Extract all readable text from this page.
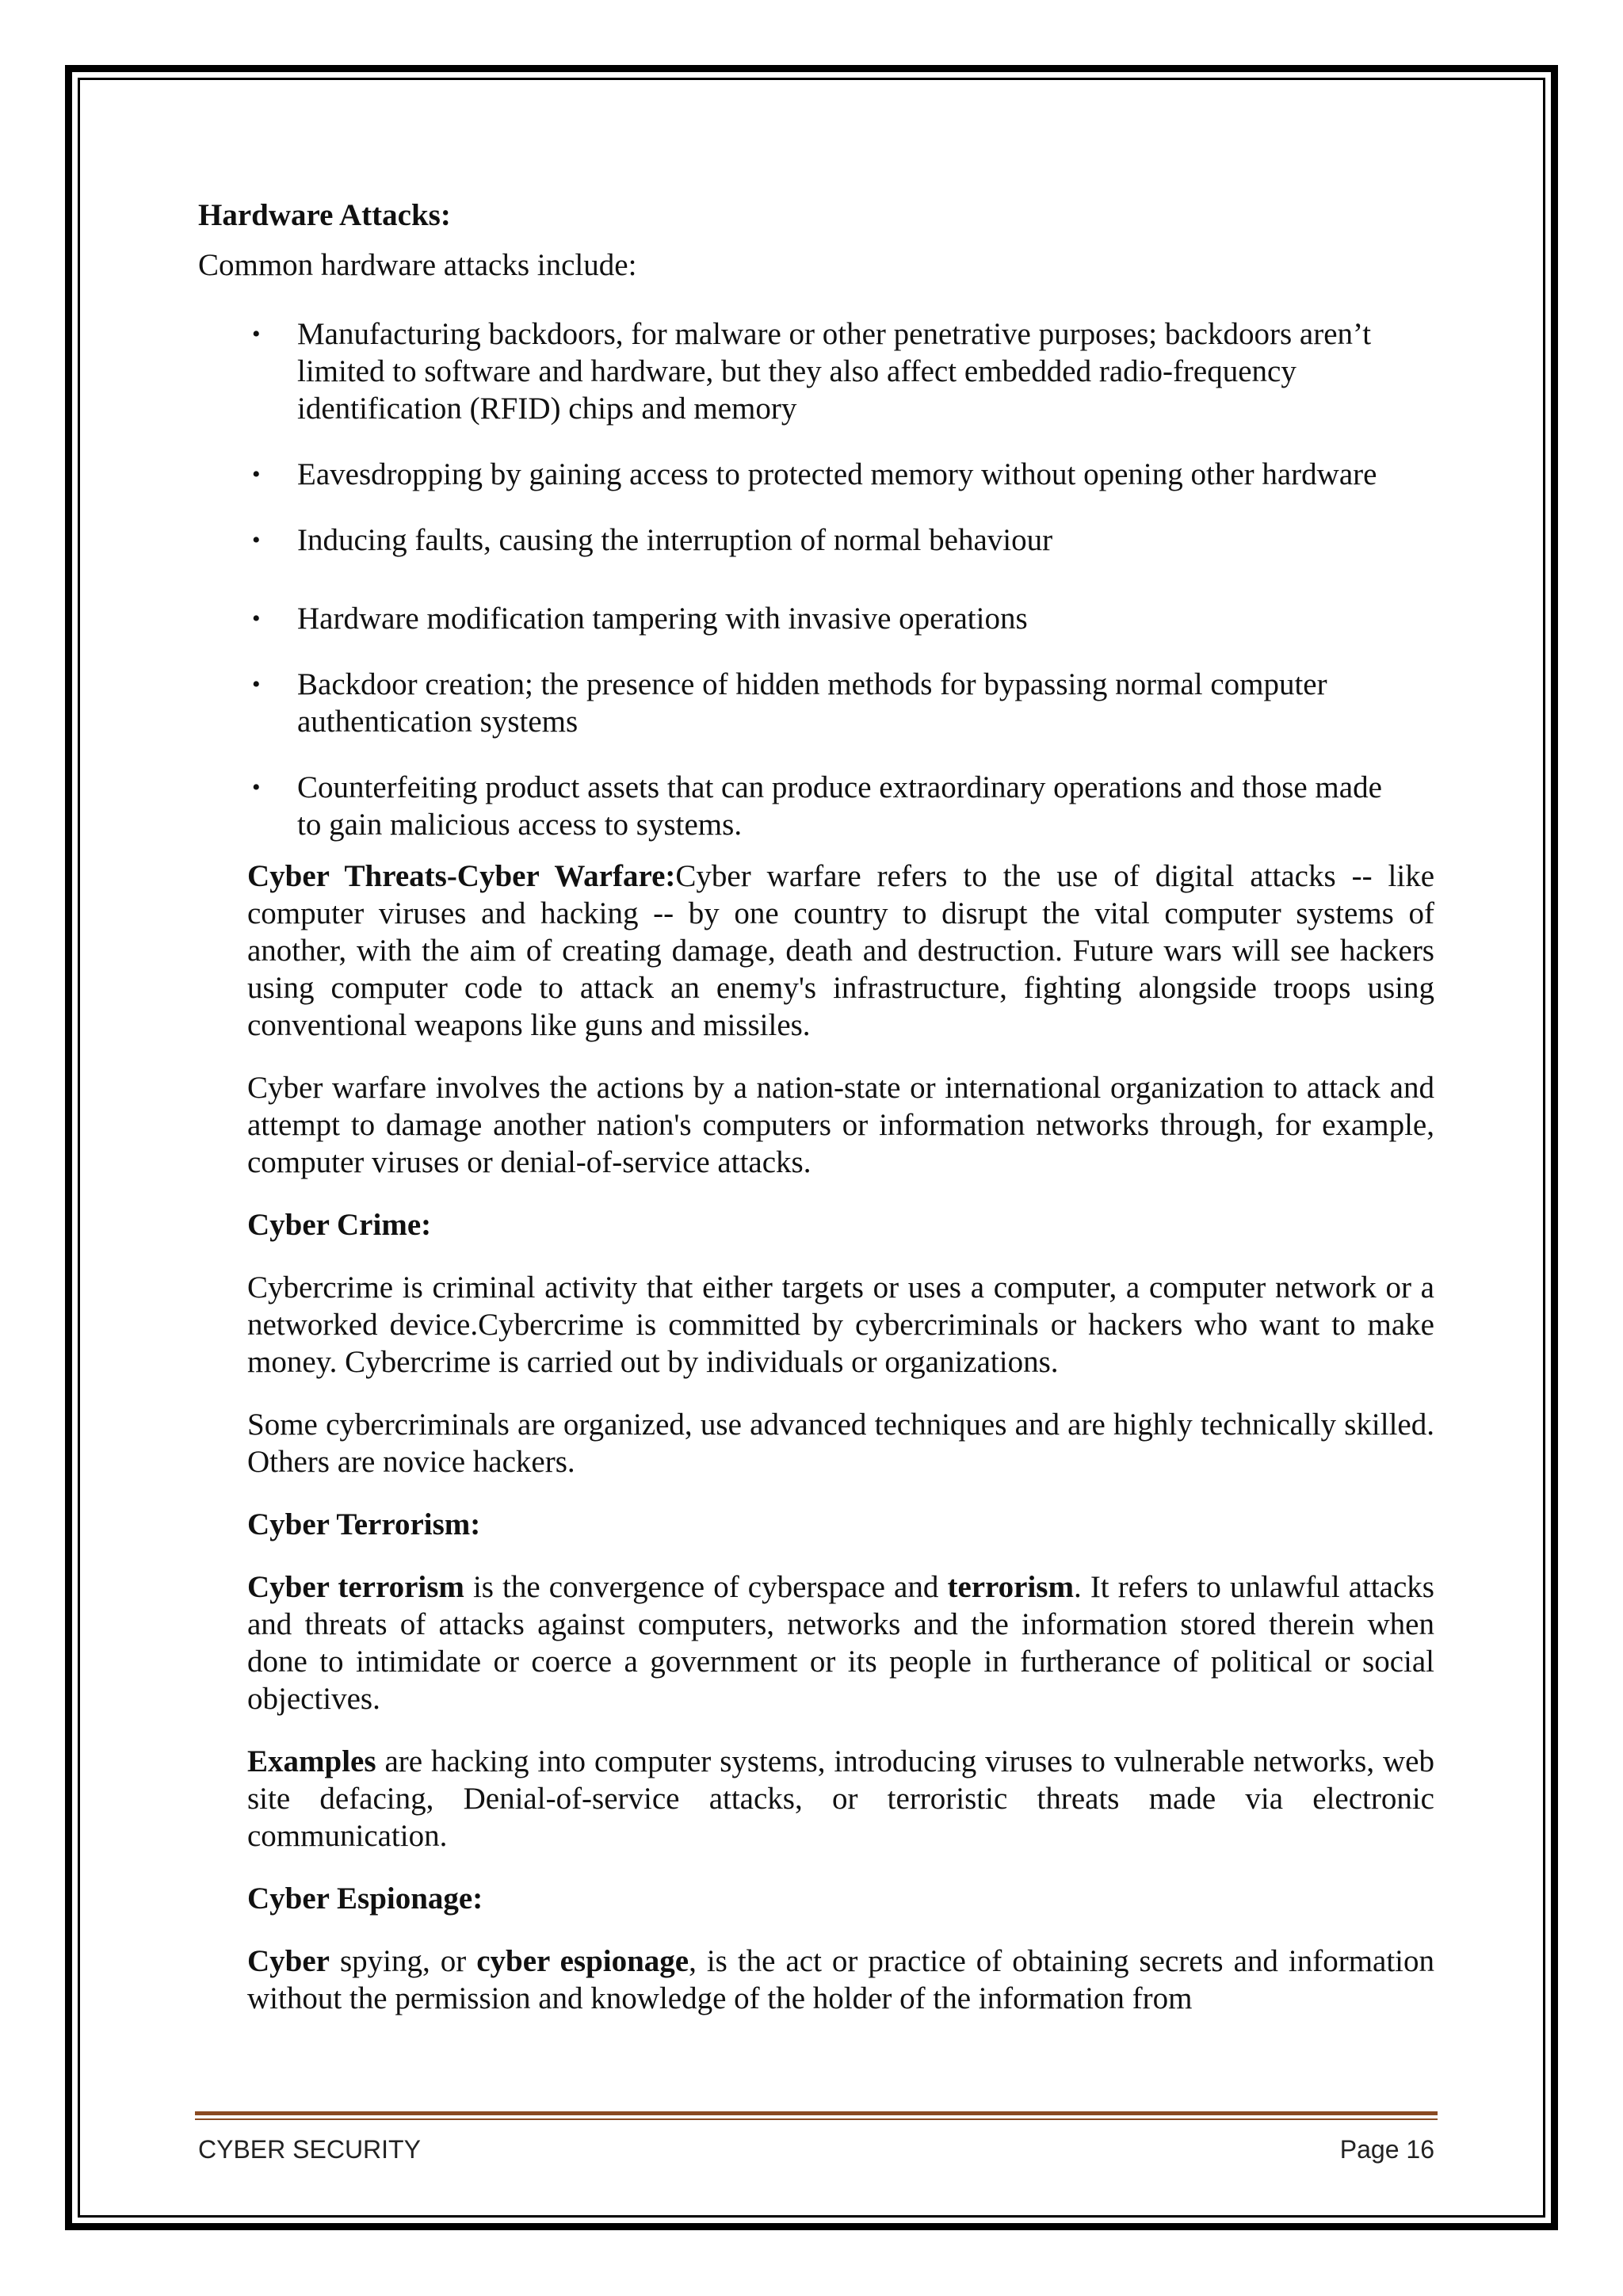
Hardware Attacks:
Common hardware attacks include:
• Manufacturing backdoors, for malware or other penetrative purposes; backdoors aren’t limited to software and hardware, but they also affect embedded radio-frequency identification (RFID) chips and memory
• Eavesdropping by gaining access to protected memory without opening other hardware
• Inducing faults, causing the interruption of normal behaviour
• Hardware modification tampering with invasive operations
• Backdoor creation; the presence of hidden methods for bypassing normal computer authentication systems
• Counterfeiting product assets that can produce extraordinary operations and those made to gain malicious access to systems.

Cyber Threats-Cyber Warfare:Cyber warfare refers to the use of digital attacks -- like computer viruses and hacking -- by one country to disrupt the vital computer systems of another, with the aim of creating damage, death and destruction. Future wars will see hackers using computer code to attack an enemy's infrastructure, fighting alongside troops using conventional weapons like guns and missiles.

Cyber warfare involves the actions by a nation-state or international organization to attack and attempt to damage another nation's computers or information networks through, for example, computer viruses or denial-of-service attacks.

Cyber Crime:

Cybercrime is criminal activity that either targets or uses a computer, a computer network or a networked device.Cybercrime is committed by cybercriminals or hackers who want to make money. Cybercrime is carried out by individuals or organizations.

Some cybercriminals are organized, use advanced techniques and are highly technically skilled. Others are novice hackers.

Cyber Terrorism:

Cyber terrorism is the convergence of cyberspace and terrorism. It refers to unlawful attacks and threats of attacks against computers, networks and the information stored therein when done to intimidate or coerce a government or its people in furtherance of political or social objectives.

Examples are hacking into computer systems, introducing viruses to vulnerable networks, web site defacing, Denial-of-service attacks, or terroristic threats made via electronic communication.

Cyber Espionage:

Cyber spying, or cyber espionage, is the act or practice of obtaining secrets and information without the permission and knowledge of the holder of the information from

CYBER SECURITY	Page 16
